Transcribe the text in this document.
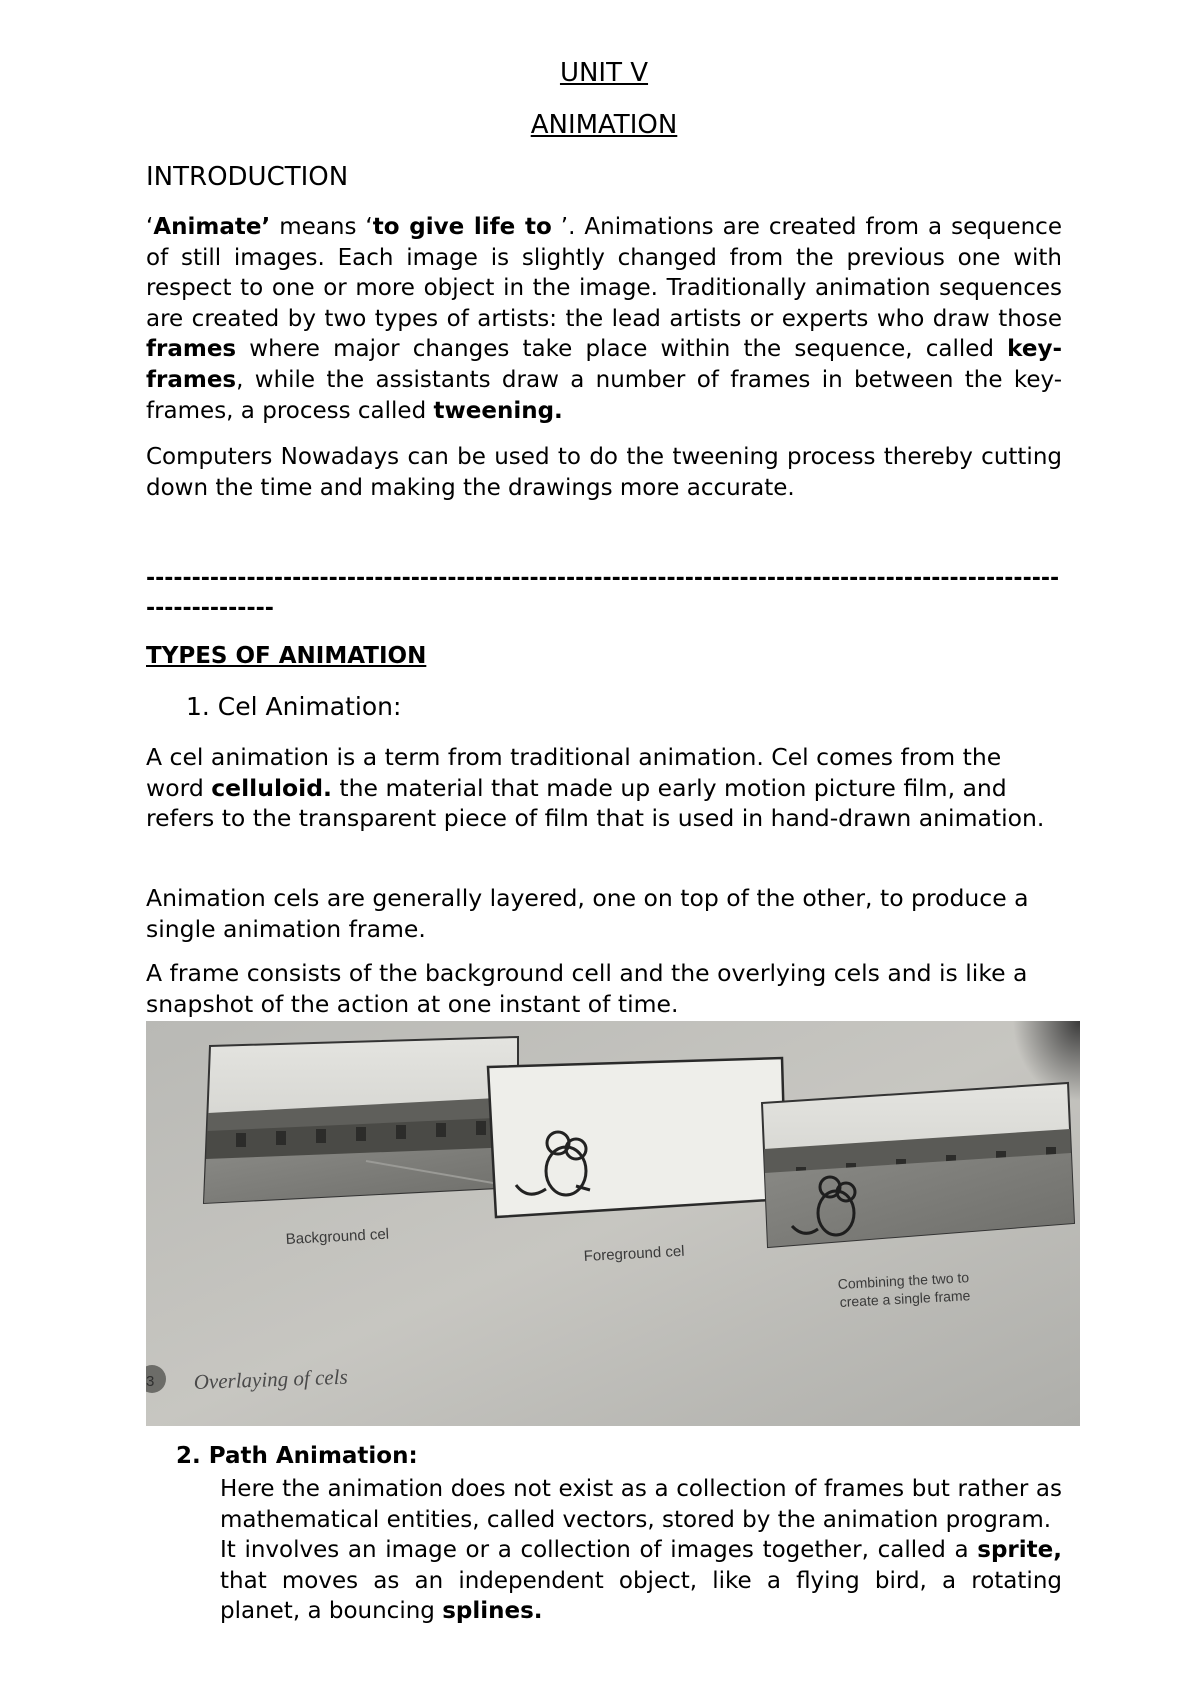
UNIT V
ANIMATION
INTRODUCTION
‘Animate’ means ‘to give life to ’. Animations are created from a sequence of still images. Each image is slightly changed from the previous one with respect to one or more object in the image. Traditionally animation sequences are created by two types of artists: the lead artists or experts who draw those frames where major changes take place within the sequence, called key-frames, while the assistants draw a number of frames in between the key-frames, a process called tweening.
Computers Nowadays can be used to do the tweening process thereby cutting down the time and making the drawings more accurate.
------------------------------------------------------------------------------------------------------------------
TYPES OF ANIMATION
1. Cel Animation:
A cel animation is a term from traditional animation. Cel comes from the word celluloid. the material that made up early motion picture film, and refers to the transparent piece of film that is used in hand-drawn animation.
Animation cels are generally layered, one on top of the other, to produce a single animation frame.
A frame consists of the background cell and the overlying cels and is like a snapshot of the action at one instant of time.
Background cel
Foreground cel
Combining the two to
create a single frame
3 Overlaying of cels
2. Path Animation:

Here the animation does not exist as a collection of frames but rather as mathematical entities, called vectors, stored by the animation program.

It involves an image or a collection of images together, called a sprite, that moves as an independent object, like a flying bird, a rotating planet, a bouncing splines.
